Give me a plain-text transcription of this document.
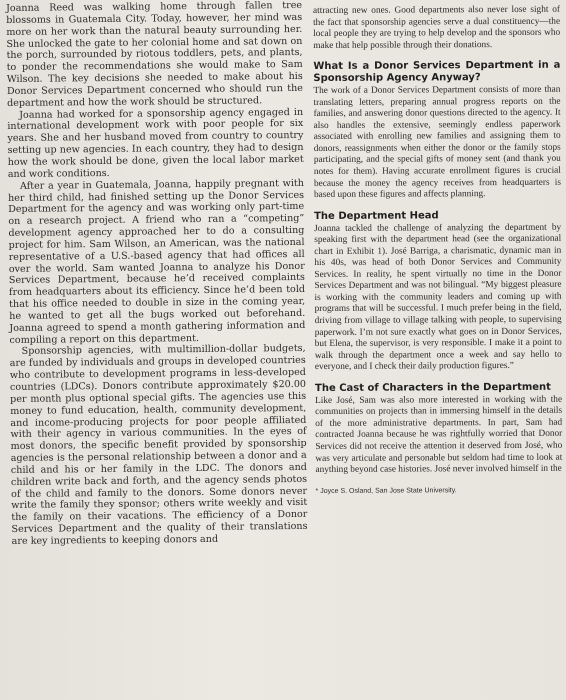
Joanna Reed was walking home through fallen tree blossoms in Guatemala City. Today, however, her mind was more on her work than the natural beauty surrounding her. She unlocked the gate to her colonial home and sat down on the porch, surrounded by riotous toddlers, pets, and plants, to ponder the recommendations she would make to Sam Wilson. The key decisions she needed to make about his Donor Services Department concerned who should run the department and how the work should be structured.

Joanna had worked for a sponsorship agency engaged in international development work with poor people for six years. She and her husband moved from country to country setting up new agencies. In each country, they had to design how the work should be done, given the local labor market and work conditions.

After a year in Guatemala, Joanna, happily pregnant with her third child, had finished setting up the Donor Services Department for the agency and was working only part-time on a research project. A friend who ran a “competing” development agency approached her to do a consulting project for him. Sam Wilson, an American, was the national representative of a U.S.-based agency that had offices all over the world. Sam wanted Joanna to analyze his Donor Services Department, because he’d received complaints from headquarters about its efficiency. Since he’d been told that his office needed to double in size in the coming year, he wanted to get all the bugs worked out beforehand. Joanna agreed to spend a month gathering information and compiling a report on this department.

Sponsorship agencies, with multimillion-dollar budgets, are funded by individuals and groups in developed countries who contribute to development programs in less-developed countries (LDCs). Donors contribute approximately $20.00 per month plus optional special gifts. The agencies use this money to fund education, health, community development, and income-producing projects for poor people affiliated with their agency in various communities. In the eyes of most donors, the specific benefit provided by sponsorship agencies is the personal relationship between a donor and a child and his or her family in the LDC. The donors and children write back and forth, and the agency sends photos of the child and family to the donors. Some donors never write the family they sponsor; others write weekly and visit the family on their vacations. The efficiency of a Donor Services Department and the quality of their translations are key ingredients to keeping donors and

attracting new ones. Good departments also never lose sight of the fact that sponsorship agencies serve a dual constituency—the local people they are trying to help develop and the sponsors who make that help possible through their donations.

What Is a Donor Services Department in a Sponsorship Agency Anyway?

The work of a Donor Services Department consists of more than translating letters, preparing annual progress reports on the families, and answering donor questions directed to the agency. It also handles the extensive, seemingly endless paperwork associated with enrolling new families and assigning them to donors, reassignments when either the donor or the family stops participating, and the special gifts of money sent (and thank you notes for them). Having accurate enrollment figures is crucial because the money the agency receives from headquarters is based upon these figures and affects planning.

The Department Head

Joanna tackled the challenge of analyzing the department by speaking first with the department head (see the organizational chart in Exhibit 1). José Barriga, a charismatic, dynamic man in his 40s, was head of both Donor Services and Community Services. In reality, he spent virtually no time in the Donor Services Department and was not bilingual. “My biggest pleasure is working with the community leaders and coming up with programs that will be successful. I much prefer being in the field, driving from village to village talking with people, to supervising paperwork. I’m not sure exactly what goes on in Donor Services, but Elena, the supervisor, is very responsible. I make it a point to walk through the department once a week and say hello to everyone, and I check their daily production figures.”

The Cast of Characters in the Department

Like José, Sam was also more interested in working with the communities on projects than in immersing himself in the details of the more administrative departments. In part, Sam had contracted Joanna because he was rightfully worried that Donor Services did not receive the attention it deserved from José, who was very articulate and personable but seldom had time to look at anything beyond case histories. José never involved himself in the

* Joyce S. Osland, San Jose State University.
